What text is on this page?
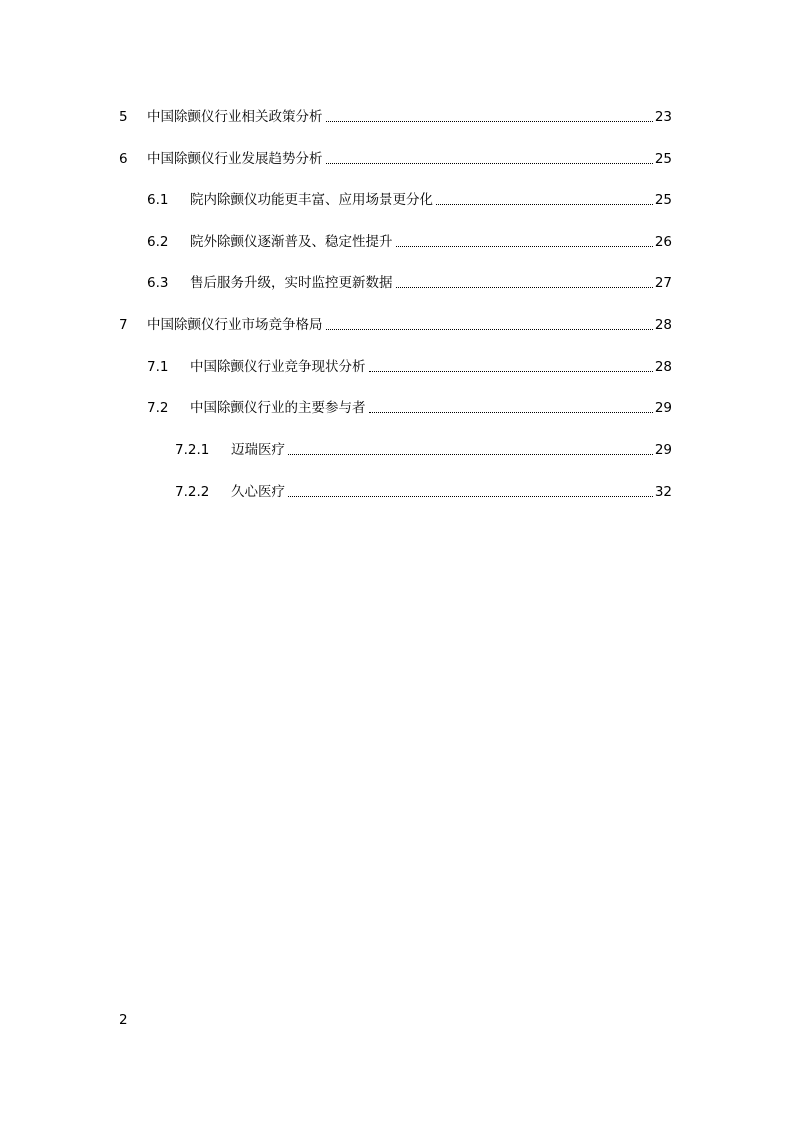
5 中国除颤仪行业相关政策分析	23
6 中国除颤仪行业发展趋势分析	25
6.1 院内除颤仪功能更丰富、应用场景更分化	25
6.2 院外除颤仪逐渐普及、稳定性提升	26
6.3 售后服务升级，实时监控更新数据	27
7 中国除颤仪行业市场竞争格局	28
7.1 中国除颤仪行业竞争现状分析	28
7.2 中国除颤仪行业的主要参与者	29
7.2.1 迈瑞医疗	29
7.2.2 久心医疗	32
2
